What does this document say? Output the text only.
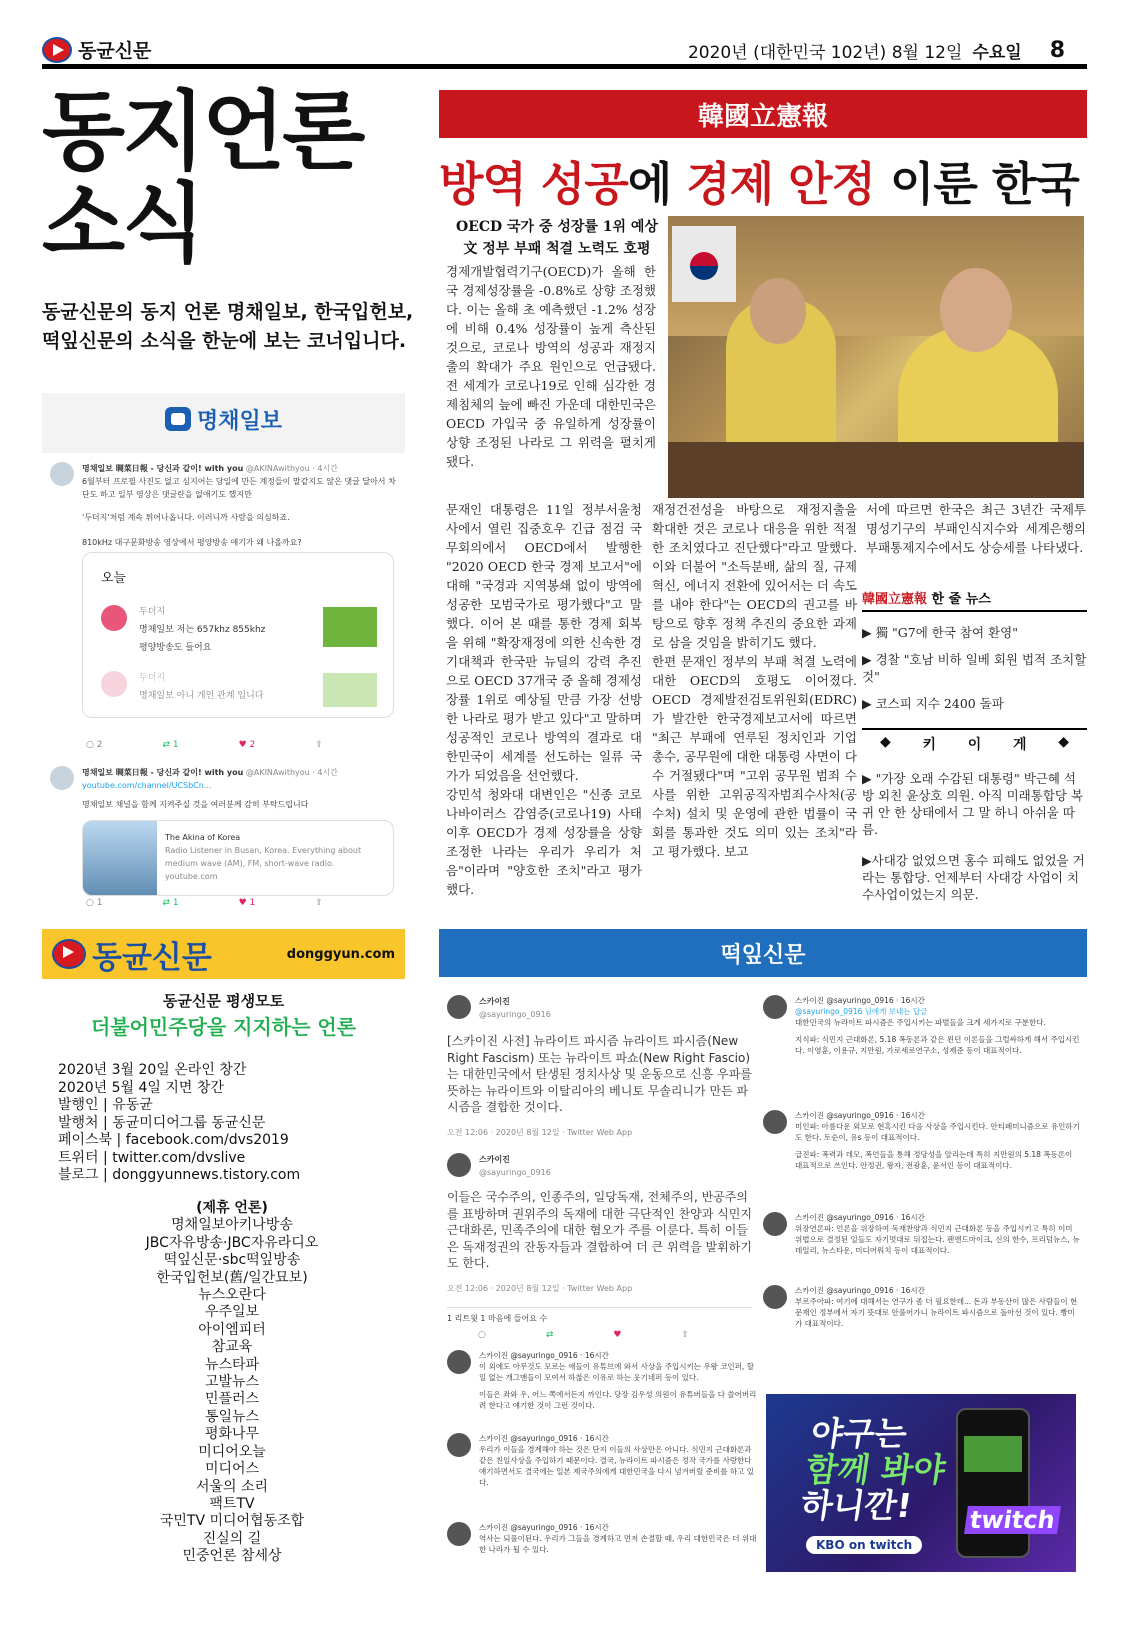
동균신문	2020년 (대한민국 102년) 8월 12일 수요일 8
동지언론
소식
동균신문의 동지 언론 명채일보, 한국입헌보, 떡잎신문의 소식을 한눈에 보는 코너입니다.
명채일보
명채일보 晭菜日報 - 당신과 같이! with you @AKINAwithyou · 4시간
6월부터 프로필 사진도 없고 심지어는 당일에 만든 계정들이 말같지도 않은 댓글 달아서 차단도 하고 일부 영상은 댓글란을 없애기도 했지만
'두더지'처럼 계속 튀어나옵니다. 이러니까 사람을 의심하죠.
810kHz 대구문화방송 영상에서 평양방송 얘기가 왜 나올까요?
오늘
두더지
명채일보 저는 657khz 855khz
평양방송도 들어요
두더지
명채일보 아니 개인 관계 입니다
○ 2	⇄ 1	♥ 2	⇪
명채일보 晭菜日報 - 당신과 같이! with you @AKINAwithyou · 4시간
youtube.com/channel/UCSbCn...
명채일보 채널을 함께 지켜주실 것을 여러분께 감히 부탁드립니다
The Akina of Korea
Radio Listener in Busan, Korea. Everything about medium wave (AM), FM, short-wave radio.
youtube.com
○ 1	⇄ 1	♥ 1	⇪
동균신문	donggyun.com
동균신문 평생모토
더불어민주당을 지지하는 언론
2020년 3월 20일 온라인 창간
2020년 5월 4일 지면 창간
발행인 | 유동균
발행처 | 동균미디어그룹 동균신문
페이스북 | facebook.com/dvs2019
트위터 | twitter.com/dvslive
블로그 | donggyunnews.tistory.com
(제휴 언론)
명채일보아키나방송
JBC자유방송·JBC자유라디오
떡잎신문·sbc떡잎방송
한국입헌보(舊/일간묘보)
뉴스오란다
우주일보
아이엠피터
참교육
뉴스타파
고발뉴스
민플러스
통일뉴스
평화나무
미디어오늘
미디어스
서울의 소리
팩트TV
국민TV 미디어협동조합
진실의 길
민중언론 참세상
韓國立憲報
방역 성공에 경제 안정 이룬 한국
OECD 국가 중 성장률 1위 예상
文 정부 부패 척결 노력도 호평
경제개발협력기구(OECD)가 올해 한국 경제성장률을 -0.8%로 상향 조정했다. 이는 올해 초 예측했던 -1.2% 성장에 비해 0.4% 성장률이 높게 측산된 것으로, 코로나 방역의 성공과 재정지출의 확대가 주요 원인으로 언급됐다. 전 세계가 코로나19로 인해 심각한 경제침체의 늪에 빠진 가운데 대한민국은 OECD 가입국 중 유일하게 성장률이 상향 조정된 나라로 그 위력을 펼치게 됐다.
문재인 대통령은 11일 정부서울청사에서 열린 집중호우 긴급 점검 국무회의에서 OECD에서 발행한 "2020 OECD 한국 경제 보고서"에 대해 "국경과 지역봉쇄 없이 방역에 성공한 모범국가로 평가했다"고 말했다. 이어 본 때를 통한 경제 회복을 위해 "확장재정에 의한 신속한 경기대책과 한국판 뉴딜의 강력 추진으로 OECD 37개국 중 올해 경제성장률 1위로 예상될 만큼 가장 선방한 나라로 평가 받고 있다"고 말하며 성공적인 코로나 방역의 결과로 대한민국이 세계를 선도하는 일류 국가가 되었음을 선언했다.
강민석 청와대 대변인은 "신종 코로나바이러스 감염증(코로나19) 사태 이후 OECD가 경제 성장률을 상향 조정한 나라는 우리가 우리가 처음"이라며 "양호한 조치"라고 평가했다.
재정건전성을 바탕으로 재정지출을 확대한 것은 코로나 대응을 위한 적절한 조치였다고 진단했다"라고 말했다. 이와 더불어 "소득분배, 삶의 질, 규제혁신, 에너지 전환에 있어서는 더 속도를 내야 한다"는 OECD의 권고를 바탕으로 향후 정책 추진의 중요한 과제로 삼을 것임을 밝히기도 했다.
한편 문재인 정부의 부패 척결 노력에 대한 OECD의 호평도 이어졌다. OECD 경제발전검토위원회(EDRC)가 발간한 한국경제보고서에 따르면 "최근 부패에 연루된 정치인과 기업 총수, 공무원에 대한 대통령 사면이 다수 거절됐다"며 "고위 공무원 범죄 수사를 위한 고위공직자범죄수사처(공수처) 설치 및 운영에 관한 법률이 국회를 통과한 것도 의미 있는 조치"라고 평가했다. 보고
서에 따르면 한국은 최근 3년간 국제투명성기구의 부패인식지수와 세계은행의 부패통제지수에서도 상승세를 나타냈다.
韓國立憲報 한 줄 뉴스
▶ 獨 "G7에 한국 참여 환영"
▶ 경찰 "호남 비하 일베 회원 법적 조치할 것"
▶ 코스피 지수 2400 돌파
◆ 키 이 게 ◆
▶ "가장 오래 수감된 대통령" 박근혜 석방 외친 윤상호 의원. 아직 미래통합당 복귀 안 한 상태에서 그 말 하니 아쉬울 따름.
▶사대강 없었으면 홍수 피해도 없었을 거라는 통합당. 언제부터 사대강 사업이 치수사업이었는지 의문.
떡잎신문
스카이진
@sayuringo_0916
[스카이진 사전] 뉴라이트 파시즘 뉴라이트 파시즘(New Right Fascism) 또는 뉴라이트 파쇼(New Right Fascio)는 대한민국에서 탄생된 정치사상 및 운동으로 신흥 우파를 뜻하는 뉴라이트와 이탈리아의 베니토 무솔리니가 만든 파시즘을 결합한 것이다.
오전 12:06 · 2020년 8월 12일 · Twitter Web App
스카이진
@sayuringo_0916
이들은 국수주의, 인종주의, 일당독재, 전체주의, 반공주의를 표방하며 권위주의 독재에 대한 극단적인 찬양과 식민지 근대화론, 민족주의에 대한 혐오가 주를 이룬다. 특히 이들은 독재정권의 잔동자들과 결합하여 더 큰 위력을 발휘하기도 한다.
오전 12:06 · 2020년 8월 12일 · Twitter Web App
1 리트윗 1 마음에 들어요 수
○	⇄	♥	⇪
스카이진 @sayuringo_0916 · 16시간
이 외에도 아무것도 모르는 애들이 유튜브에 와서 사상을 주입시키는 우왕 코인퍼, 할 일 없는 개그맨들이 모여서 하찮은 이유로 하는 웃기네퍼 등이 있다.
이들은 좌와 우, 어느 쪽에서든지 까인다. 당장 김우성 의원이 유튜버들을 다 쓸어버리려 한다고 얘기한 것이 그런 것이다.
스카이진 @sayuringo_0916 · 16시간
우리가 이들을 경계해야 하는 것은 단지 이들의 사상만은 아니다. 식민지 근대화론과 같은 친일사상을 주입하기 때문이다. 결국, 뉴라이트 파시즘은 정작 국가를 사랑한다 얘기하면서도 결국에는 일본 제국주의에게 대한민국을 다시 넘겨버릴 준비를 하고 있다.
스카이진 @sayuringo_0916 · 16시간
역사는 되풀이된다. 우리가 그들을 경계하고 먼저 손절할 때, 우리 대한민국은 더 위대한 나라가 될 수 있다.
스카이진 @sayuringo_0916 · 16시간
@sayuringo_0916 님에게 보내는 답글
대한민국의 뉴라이트 파시즘은 주입시키는 파벌들을 크게 세가지로 구분한다.
지식파: 식민지 근대화론, 5.18 폭동론과 같은 왼던 이론들을 그럴싸하게 해서 주입시킨다. 이영훈, 이용규, 지만원, 가로세로연구소, 성제준 등이 대표적이다.
스카이진 @sayuringo_0916 · 16시간
미인파: 아름다운 외모로 현혹시킨 다음 사상을 주입시킨다. 안티페미니즘으로 유인하기도 한다. 토순이, 유s 등이 대표적이다.
급진파: 폭력과 데모, 폭언들을 통해 정당성을 알리는데 특히 지만원의 5.18 폭동론이 대표적으로 쓰인다. 안정권, 왕자, 전광훈, 윤서인 등이 대표적이다.
스카이진 @sayuringo_0916 · 16시간
위장연론파: 언론을 위장하여 독재찬양과 식민지 근대화론 등을 주입시키고 특히 이미 위법으로 결정된 일들도 자기멋대로 뒤집는다. 펜앤드마이크, 신의 한수, 프리덤뉴스, 뉴데일리, 뉴스타운, 미디어워치 등이 대표적이다.
스카이진 @sayuringo_0916 · 16시간
부르주아파: 여기에 대해서는 연구가 좀 더 필요한데... 돈과 부동산이 많은 사람들이 현 문재인 정부에서 자기 뜻대로 안풀어가니 뉴라이트 파시즘으로 돌아선 것이 있다. 빵미가 대표적이다.
야구는
함께 봐야
하니깐!	twitch
KBO on twitch
